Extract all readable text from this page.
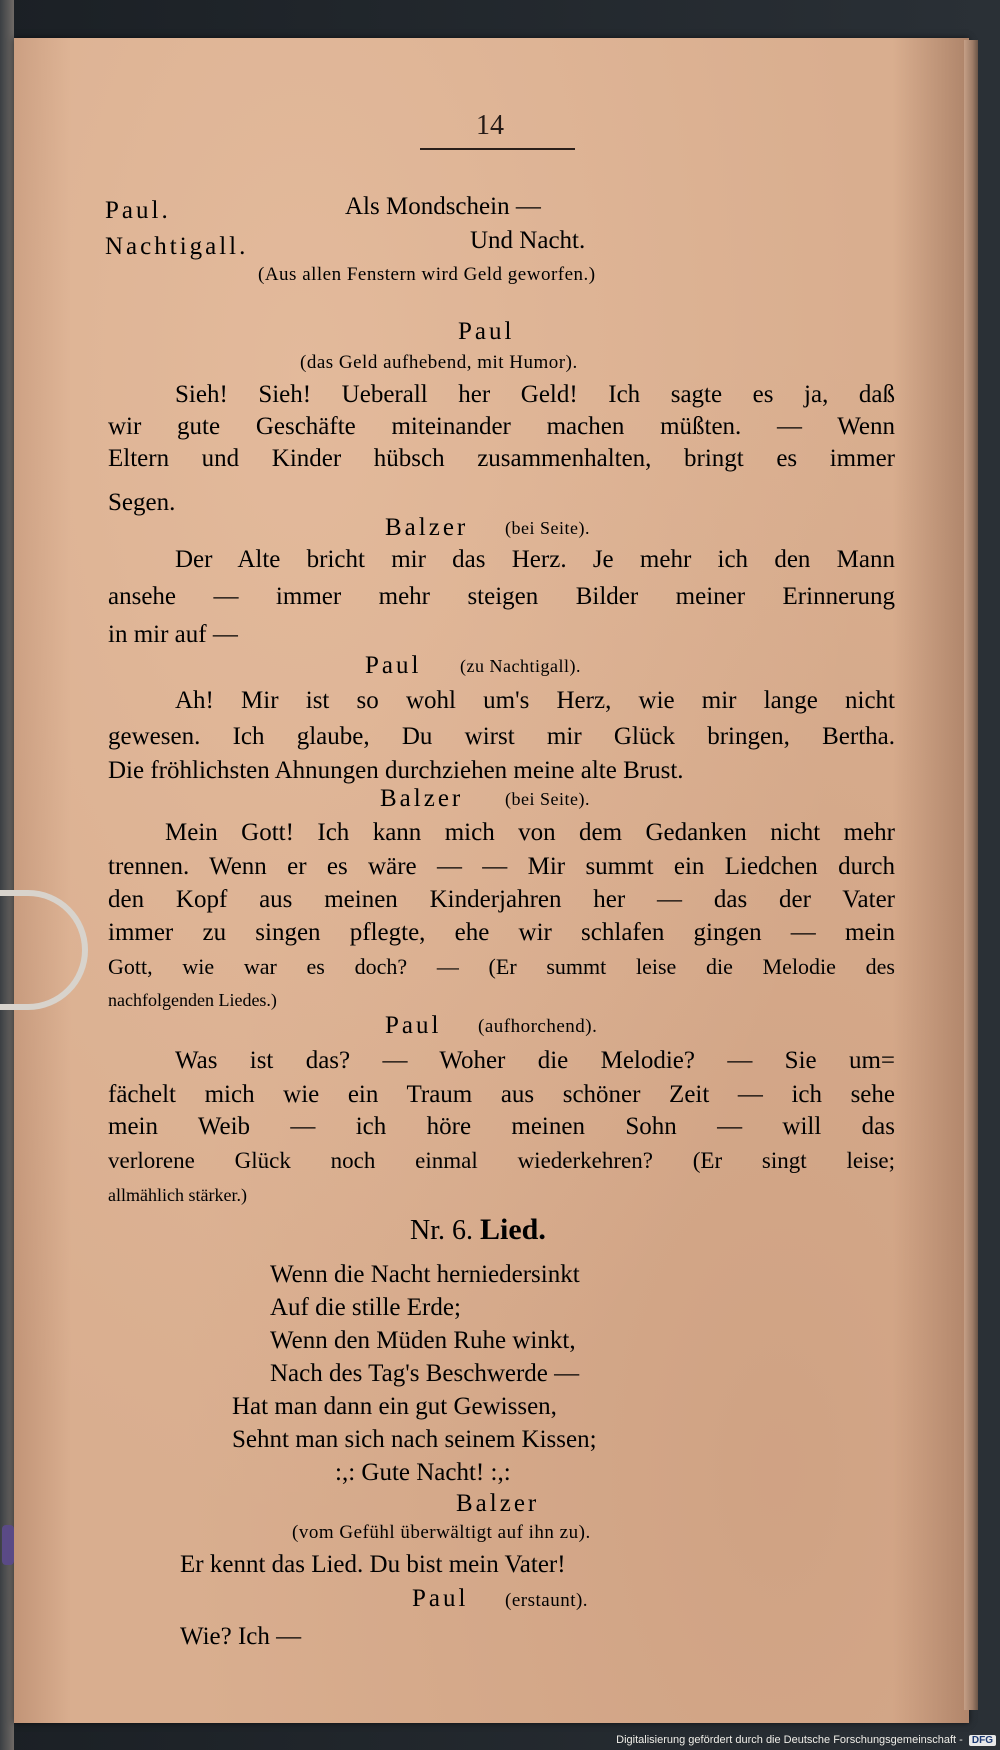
14
Paul.	Als Mondschein —
Nachtigall.	Und Nacht.
(Aus allen Fenstern wird Geld geworfen.)
Paul
(das Geld aufhebend, mit Humor).
Sieh! Sieh! Ueberall her Geld! Ich sagte es ja, daß
wir gute Geschäfte miteinander machen müßten. — Wenn
Eltern und Kinder hübsch zusammenhalten, bringt es immer
Segen.
Balzer (bei Seite).
Der Alte bricht mir das Herz. Je mehr ich den Mann
ansehe — immer mehr steigen Bilder meiner Erinnerung
in mir auf —
Paul (zu Nachtigall).
Ah! Mir ist so wohl um's Herz, wie mir lange nicht
gewesen. Ich glaube, Du wirst mir Glück bringen, Bertha.
Die fröhlichsten Ahnungen durchziehen meine alte Brust.
Balzer (bei Seite).
Mein Gott! Ich kann mich von dem Gedanken nicht mehr
trennen. Wenn er es wäre — — Mir summt ein Liedchen durch
den Kopf aus meinen Kinderjahren her — das der Vater
immer zu singen pflegte, ehe wir schlafen gingen — mein
Gott, wie war es doch? — (Er summt leise die Melodie des
nachfolgenden Liedes.)
Paul (aufhorchend).
Was ist das? — Woher die Melodie? — Sie um=
fächelt mich wie ein Traum aus schöner Zeit — ich sehe
mein Weib — ich höre meinen Sohn — will das
verlorene Glück noch einmal wiederkehren? (Er singt leise;
allmählich stärker.)
Nr. 6. Lied.
Wenn die Nacht herniedersinkt
Auf die stille Erde;
Wenn den Müden Ruhe winkt,
Nach des Tag's Beschwerde —
Hat man dann ein gut Gewissen,
Sehnt man sich nach seinem Kissen;
:,: Gute Nacht! :,:
Balzer
(vom Gefühl überwältigt auf ihn zu).
Er kennt das Lied. Du bist mein Vater!
Paul (erstaunt).
Wie? Ich —
Digitalisierung gefördert durch die Deutsche Forschungsgemeinschaft - DFG
